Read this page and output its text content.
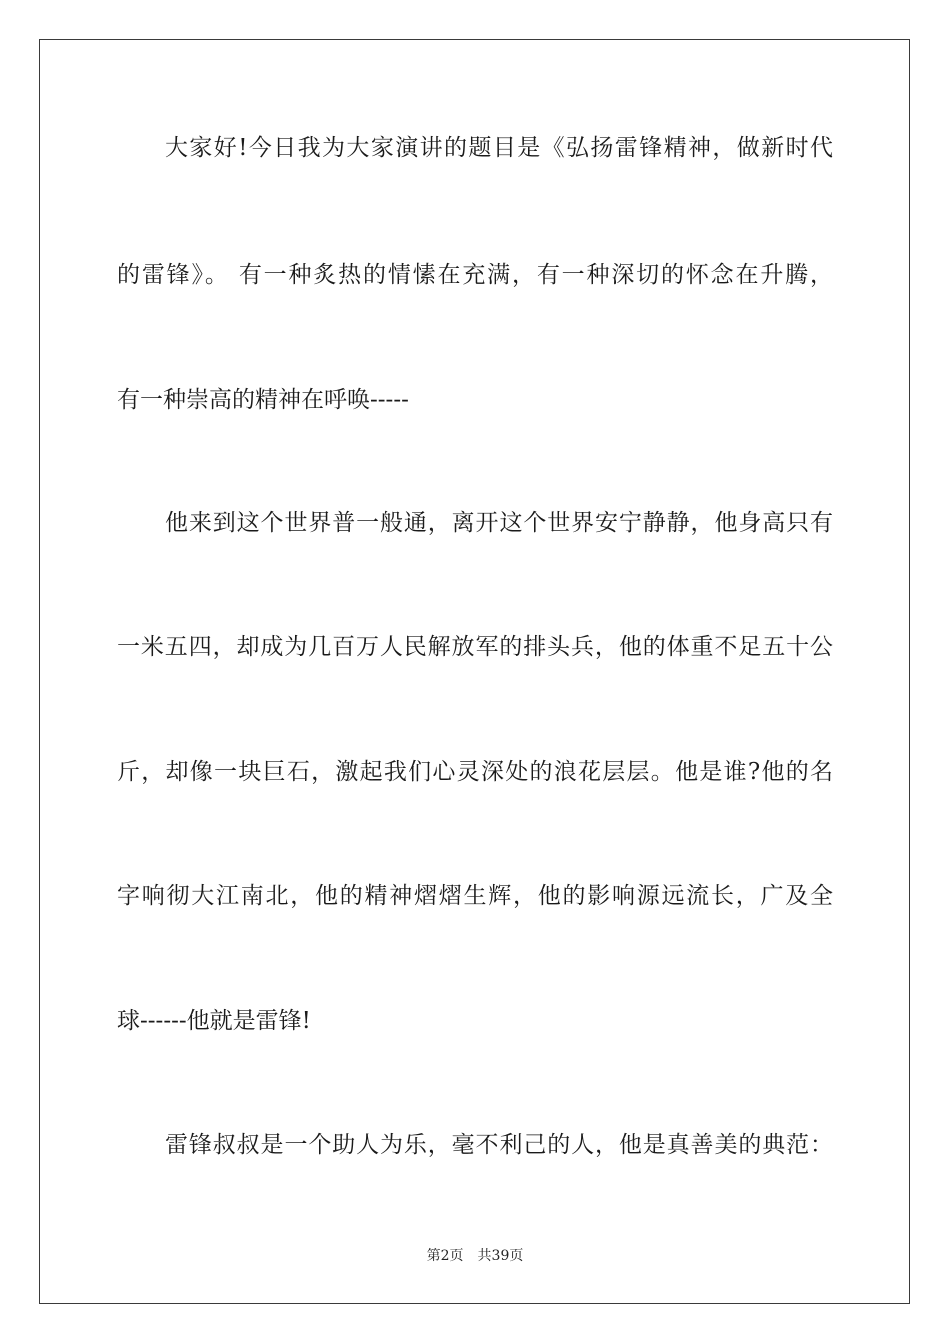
大家好!今日我为大家演讲的题目是《弘扬雷锋精神，做新时代
的雷锋》。 有一种炙热的情愫在充满，有一种深切的怀念在升腾，
有一种崇高的精神在呼唤-----
他来到这个世界普一般通，离开这个世界安宁静静，他身高只有
一米五四，却成为几百万人民解放军的排头兵，他的体重不足五十公
斤，却像一块巨石，激起我们心灵深处的浪花层层。他是谁?他的名
字响彻大江南北，他的精神熠熠生辉，他的影响源远流长，广及全
球------他就是雷锋!
雷锋叔叔是一个助人为乐，毫不利己的人，他是真善美的典范：
第2页 共39页
